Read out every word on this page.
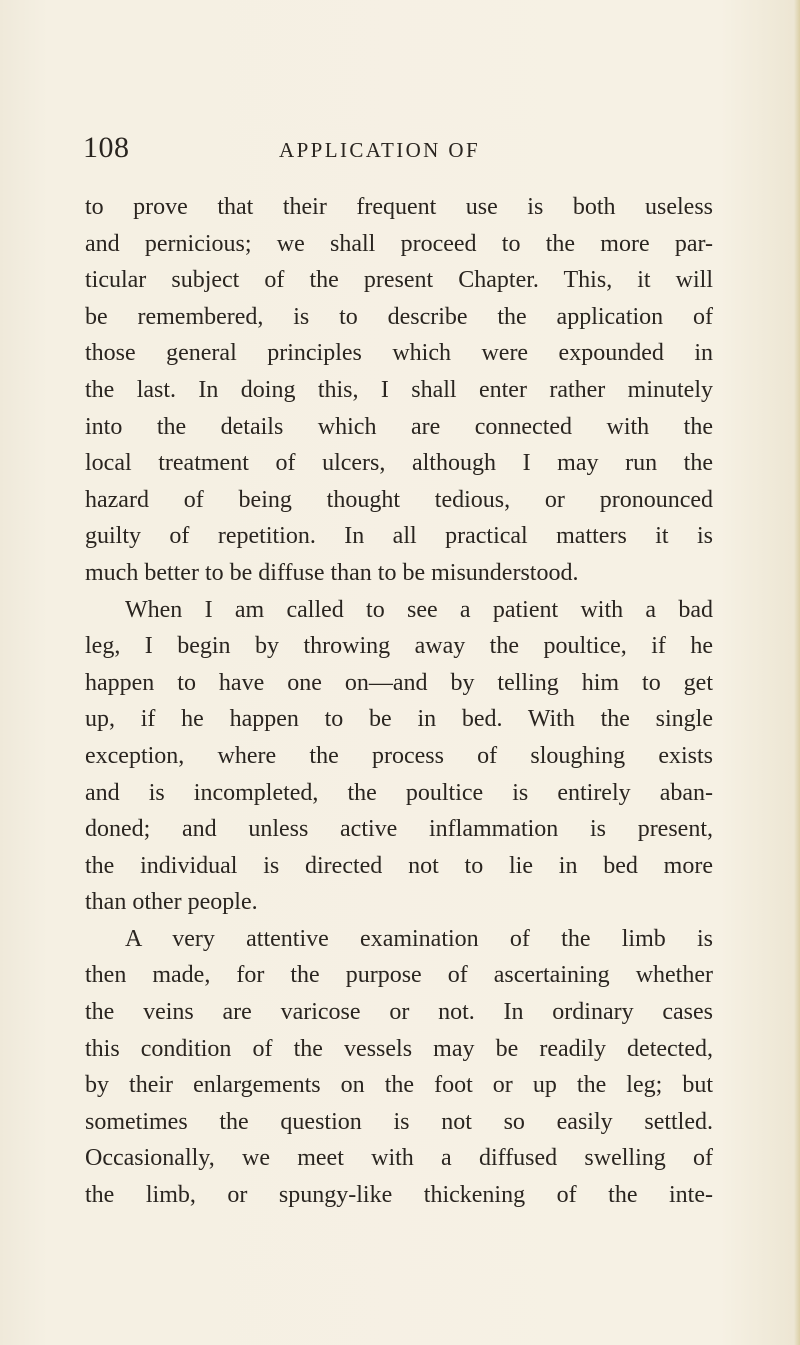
108	APPLICATION OF
to prove that their frequent use is both useless
and pernicious; we shall proceed to the more par-
ticular subject of the present Chapter. This, it will
be remembered, is to describe the application of
those general principles which were expounded in
the last. In doing this, I shall enter rather minutely
into the details which are connected with the
local treatment of ulcers, although I may run the
hazard of being thought tedious, or pronounced
guilty of repetition. In all practical matters it is
much better to be diffuse than to be misunderstood.
When I am called to see a patient with a bad
leg, I begin by throwing away the poultice, if he
happen to have one on—and by telling him to get
up, if he happen to be in bed. With the single
exception, where the process of sloughing exists
and is incompleted, the poultice is entirely aban-
doned; and unless active inflammation is present,
the individual is directed not to lie in bed more
than other people.
A very attentive examination of the limb is
then made, for the purpose of ascertaining whether
the veins are varicose or not. In ordinary cases
this condition of the vessels may be readily detected,
by their enlargements on the foot or up the leg; but
sometimes the question is not so easily settled.
Occasionally, we meet with a diffused swelling of
the limb, or spungy-like thickening of the inte-
